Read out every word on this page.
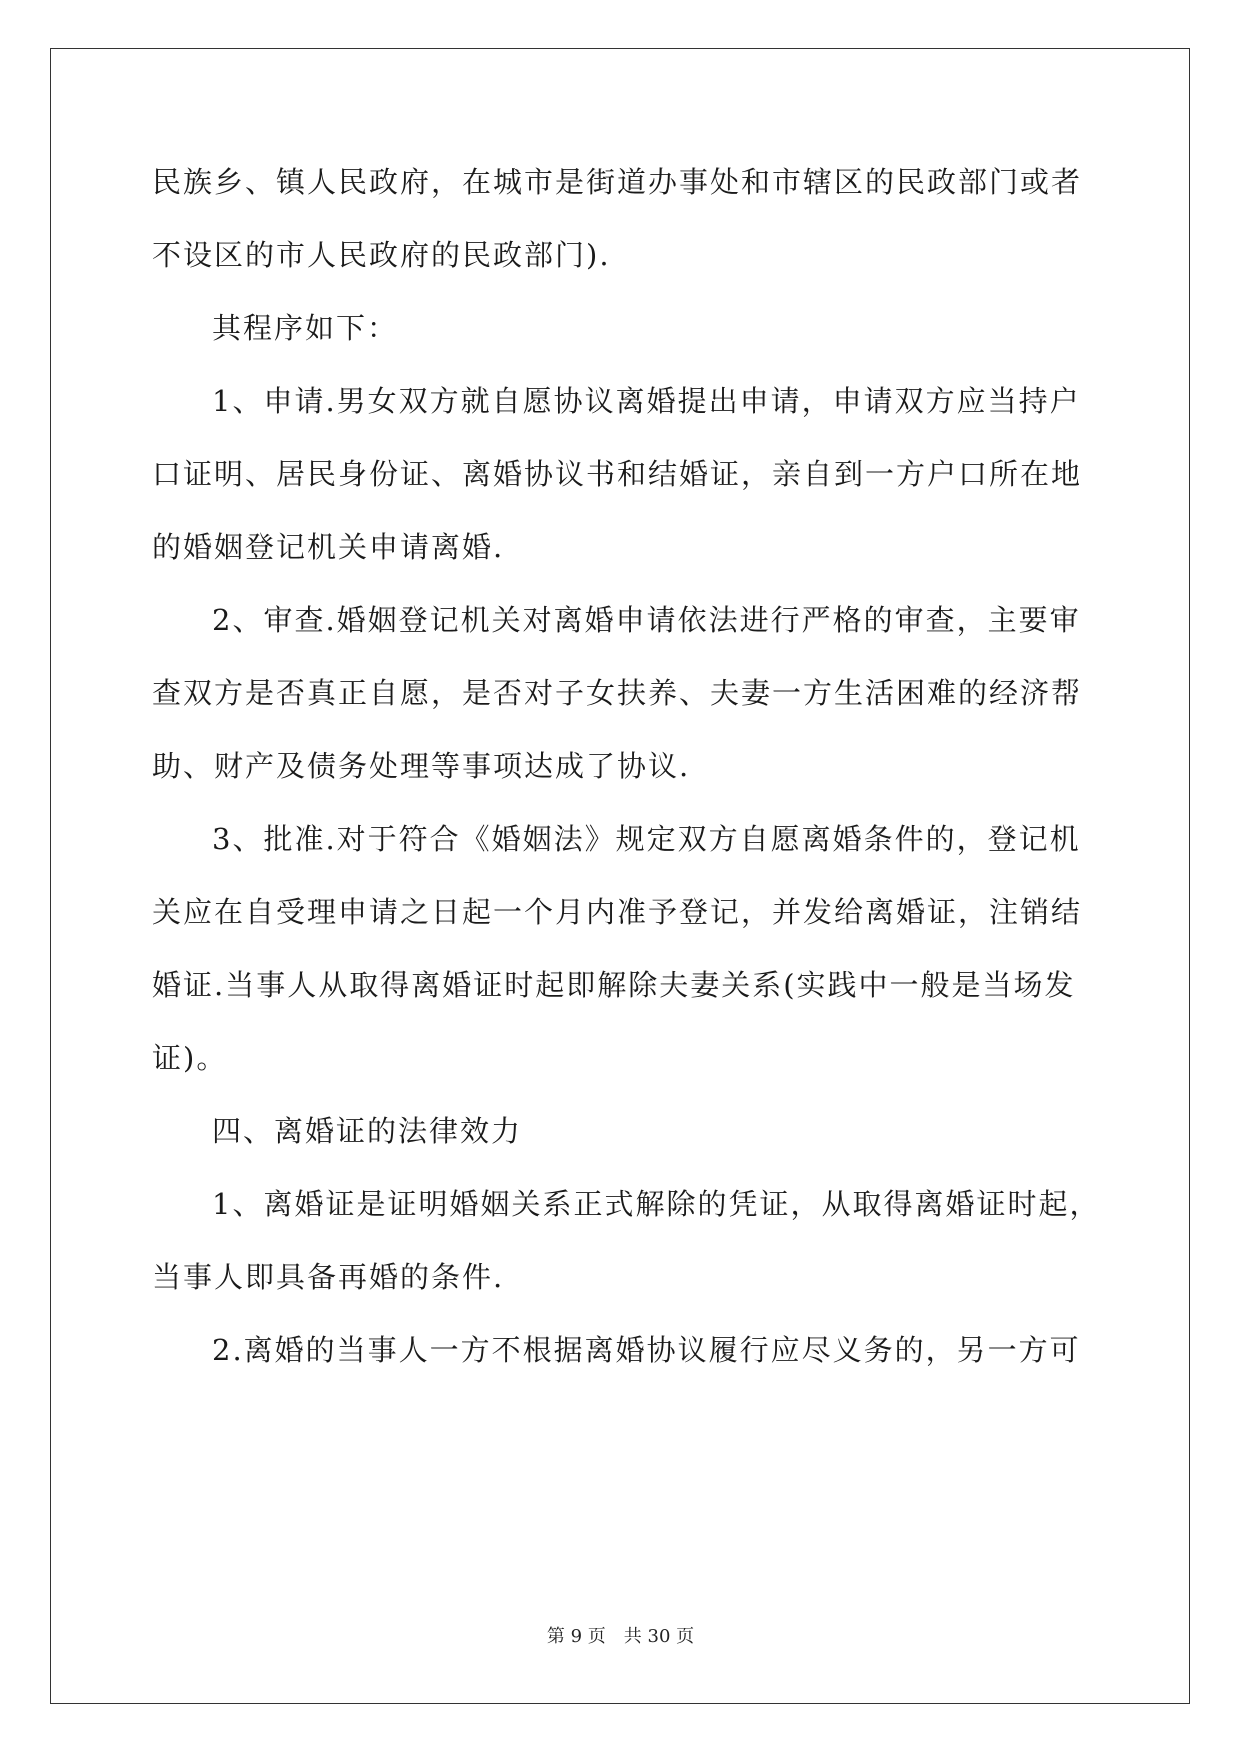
民族乡、镇人民政府，在城市是街道办事处和市辖区的民政部门或者
不设区的市人民政府的民政部门).
其程序如下：
1、申请.男女双方就自愿协议离婚提出申请，申请双方应当持户
口证明、居民身份证、离婚协议书和结婚证，亲自到一方户口所在地
的婚姻登记机关申请离婚.
2、审查.婚姻登记机关对离婚申请依法进行严格的审查，主要审
查双方是否真正自愿，是否对子女扶养、夫妻一方生活困难的经济帮
助、财产及债务处理等事项达成了协议.
3、批准.对于符合《婚姻法》规定双方自愿离婚条件的，登记机
关应在自受理申请之日起一个月内准予登记，并发给离婚证，注销结
婚证.当事人从取得离婚证时起即解除夫妻关系(实践中一般是当场发
证)。
四、离婚证的法律效力
1、离婚证是证明婚姻关系正式解除的凭证，从取得离婚证时起，
当事人即具备再婚的条件.
2.离婚的当事人一方不根据离婚协议履行应尽义务的，另一方可
第 9 页　共 30 页
